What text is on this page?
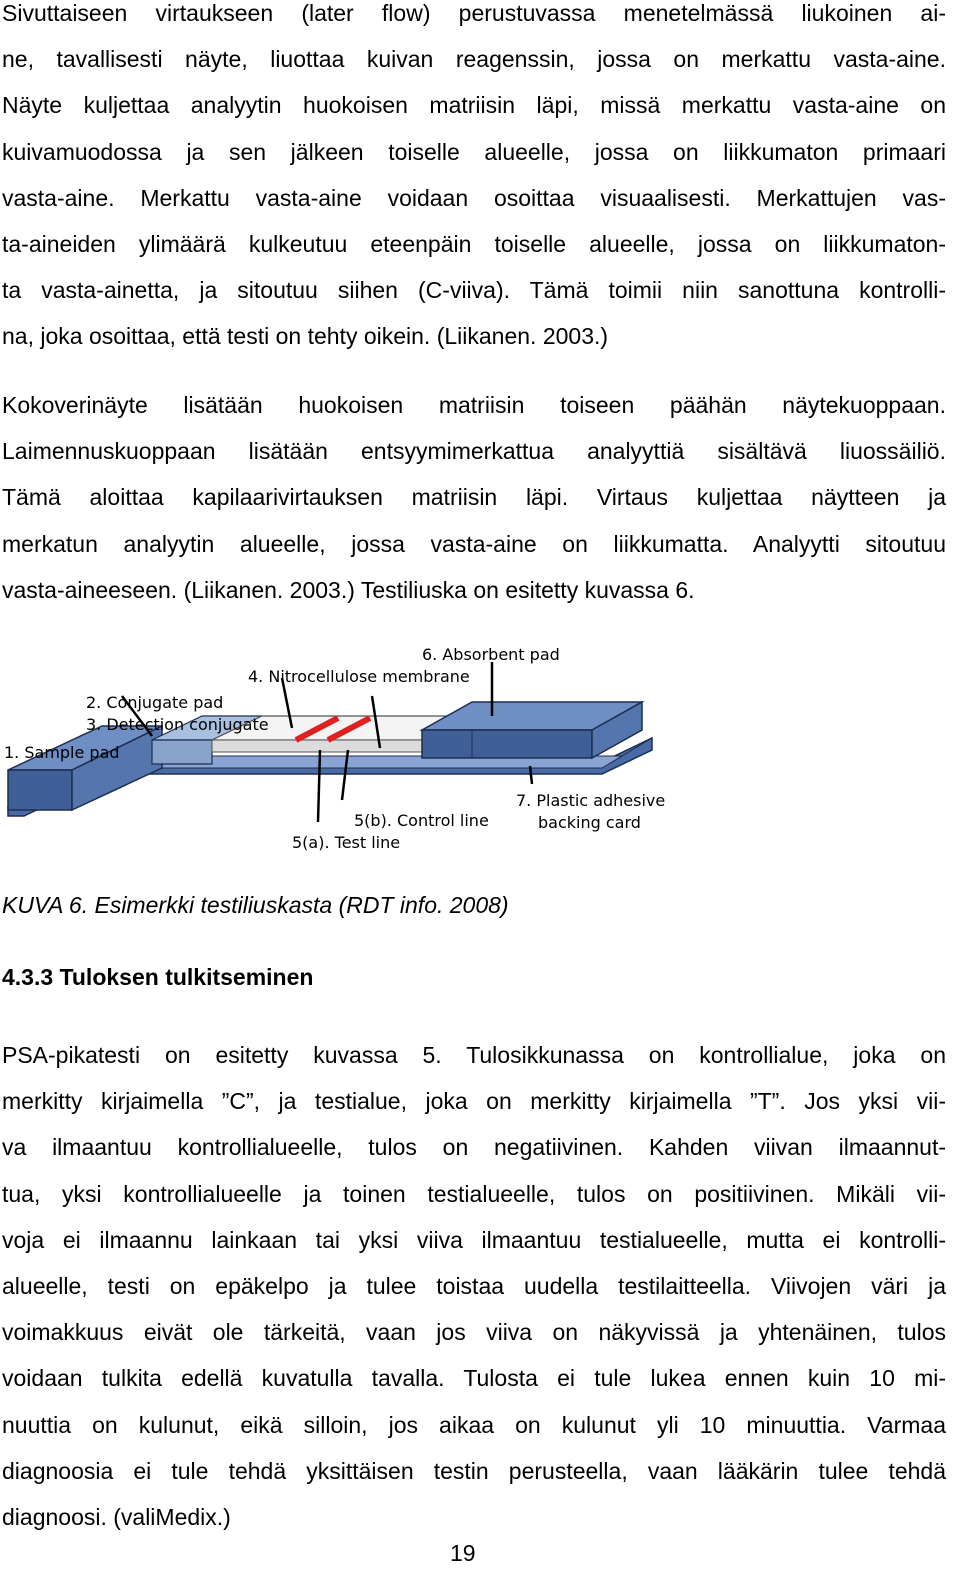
Sivuttaiseen virtaukseen (later flow) perustuvassa menetelmässä liukoinen ai-
ne, tavallisesti näyte, liuottaa kuivan reagenssin, jossa on merkattu vasta-aine.
Näyte kuljettaa analyytin huokoisen matriisin läpi, missä merkattu vasta-aine on
kuivamuodossa ja sen jälkeen toiselle alueelle, jossa on liikkumaton primaari
vasta-aine. Merkattu vasta-aine voidaan osoittaa visuaalisesti. Merkattujen vas-
ta-aineiden ylimäärä kulkeutuu eteenpäin toiselle alueelle, jossa on liikkumaton-
ta vasta-ainetta, ja sitoutuu siihen (C-viiva). Tämä toimii niin sanottuna kontrolli-
na, joka osoittaa, että testi on tehty oikein. (Liikanen. 2003.)
Kokoverinäyte lisätään huokoisen matriisin toiseen päähän näytekuoppaan.
Laimennuskuoppaan lisätään entsyymimerkattua analyyttiä sisältävä liuossäiliö.
Tämä aloittaa kapilaarivirtauksen matriisin läpi. Virtaus kuljettaa näytteen ja
merkatun analyytin alueelle, jossa vasta-aine on liikkumatta. Analyytti sitoutuu
vasta-aineeseen. (Liikanen. 2003.) Testiliuska on esitetty kuvassa 6.
1. Sample pad
2. Conjugate pad
3. Detection conjugate
4. Nitrocellulose membrane
6. Absorbent pad
5(b). Control line
5(a). Test line
7. Plastic adhesive
backing card

KUVA 6. Esimerkki testiliuskasta (RDT info. 2008)

4.3.3 Tuloksen tulkitseminen
PSA-pikatesti on esitetty kuvassa 5. Tulosikkunassa on kontrollialue, joka on
merkitty kirjaimella ”C”, ja testialue, joka on merkitty kirjaimella ”T”. Jos yksi vii-
va ilmaantuu kontrollialueelle, tulos on negatiivinen. Kahden viivan ilmaannut-
tua, yksi kontrollialueelle ja toinen testialueelle, tulos on positiivinen. Mikäli vii-
voja ei ilmaannu lainkaan tai yksi viiva ilmaantuu testialueelle, mutta ei kontrolli-
alueelle, testi on epäkelpo ja tulee toistaa uudella testilaitteella. Viivojen väri ja
voimakkuus eivät ole tärkeitä, vaan jos viiva on näkyvissä ja yhtenäinen, tulos
voidaan tulkita edellä kuvatulla tavalla. Tulosta ei tule lukea ennen kuin 10 mi-
nuuttia on kulunut, eikä silloin, jos aikaa on kulunut yli 10 minuuttia. Varmaa
diagnoosia ei tule tehdä yksittäisen testin perusteella, vaan lääkärin tulee tehdä
diagnoosi. (valiMedix.)

19
